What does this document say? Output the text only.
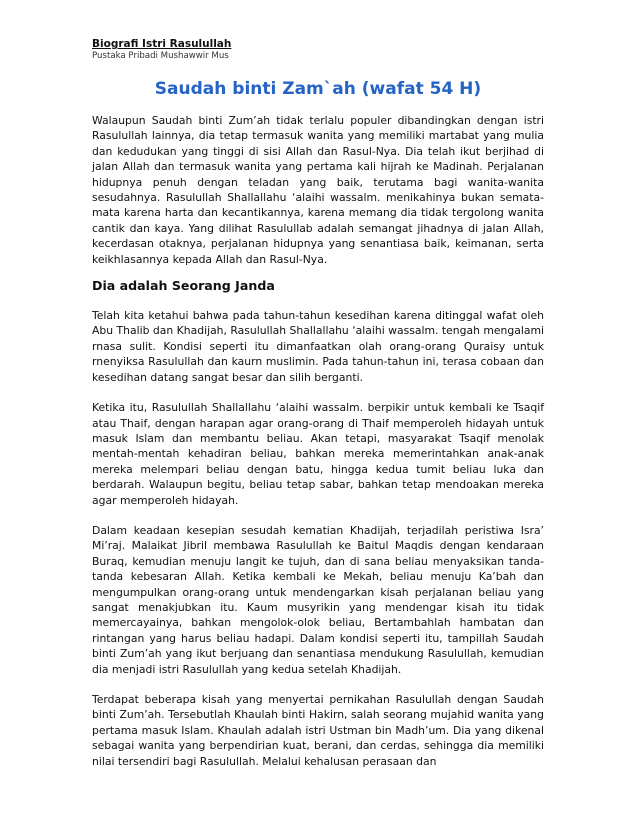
Biografi Istri Rasulullah
Pustaka Pribadi Mushawwir Mus
Saudah binti Zam`ah (wafat 54 H)

Walaupun Saudah binti Zum’ah tidak terlalu populer dibandingkan dengan istri Rasulullah lainnya, dia tetap termasuk wanita yang memiliki martabat yang mulia dan kedudukan yang tinggi di sisi Allah dan Rasul-Nya. Dia telah ikut berjihad di jalan Allah dan termasuk wanita yang pertama kali hijrah ke Madinah. Perjalanan hidupnya penuh dengan teladan yang baik, terutama bagi wanita-wanita sesudahnya. Rasulullah Shallallahu ‘alaihi wassalm. menikahinya bukan semata-mata karena harta dan kecantikannya, karena memang dia tidak tergolong wanita cantik dan kaya. Yang dilihat Rasulullab adalah semangat jihadnya di jalan Allah, kecerdasan otaknya, perjalanan hidupnya yang senantiasa baik, keimanan, serta keikhlasannya kepada Allah dan Rasul-Nya.

Dia adalah Seorang Janda

Telah kita ketahui bahwa pada tahun-tahun kesedihan karena ditinggal wafat oleh Abu Thalib dan Khadijah, Rasulullah Shallallahu ‘alaihi wassalm. tengah mengalami rnasa sulit. Kondisi seperti itu dimanfaatkan olah orang-orang Quraisy untuk rnenyiksa Rasulullah dan kaurn muslimin. Pada tahun-tahun ini, terasa cobaan dan kesedihan datang sangat besar dan silih berganti.

Ketika itu, Rasulullah Shallallahu ‘alaihi wassalm. berpikir untuk kembali ke Tsaqif atau Thaif, dengan harapan agar orang-orang di Thaif memperoleh hidayah untuk masuk Islam dan membantu beliau. Akan tetapi, masyarakat Tsaqif menolak mentah-mentah kehadiran beliau, bahkan mereka memerintahkan anak-anak mereka melempari beliau dengan batu, hingga kedua tumit beliau luka dan berdarah. Walaupun begitu, beliau tetap sabar, bahkan tetap mendoakan mereka agar memperoleh hidayah.

Dalam keadaan kesepian sesudah kematian Khadijah, terjadilah peristiwa Isra’ Mi’raj. Malaikat Jibril membawa Rasulullah ke Baitul Maqdis dengan kendaraan Buraq, kemudian menuju langit ke tujuh, dan di sana beliau menyaksikan tanda-tanda kebesaran Allah. Ketika kembali ke Mekah, beliau menuju Ka’bah dan mengumpulkan orang-orang untuk mendengarkan kisah perjalanan beliau yang sangat menakjubkan itu. Kaum musyrikin yang mendengar kisah itu tidak memercayainya, bahkan mengolok-olok beliau, Bertambahlah hambatan dan rintangan yang harus beliau hadapi. Dalam kondisi seperti itu, tampillah Saudah binti Zum’ah yang ikut berjuang dan senantiasa mendukung Rasulullah, kemudian dia menjadi istri Rasulullah yang kedua setelah Khadijah.

Terdapat beberapa kisah yang menyertai pernikahan Rasulullah dengan Saudah binti Zum’ah. Tersebutlah Khaulah binti Hakirn, salah seorang mujahid wanita yang pertama masuk Islam. Khaulah adalah istri Ustman bin Madh’um. Dia yang dikenal sebagai wanita yang berpendirian kuat, berani, dan cerdas, sehingga dia memiliki nilai tersendiri bagi Rasulullah. Melalui kehalusan perasaan dan
